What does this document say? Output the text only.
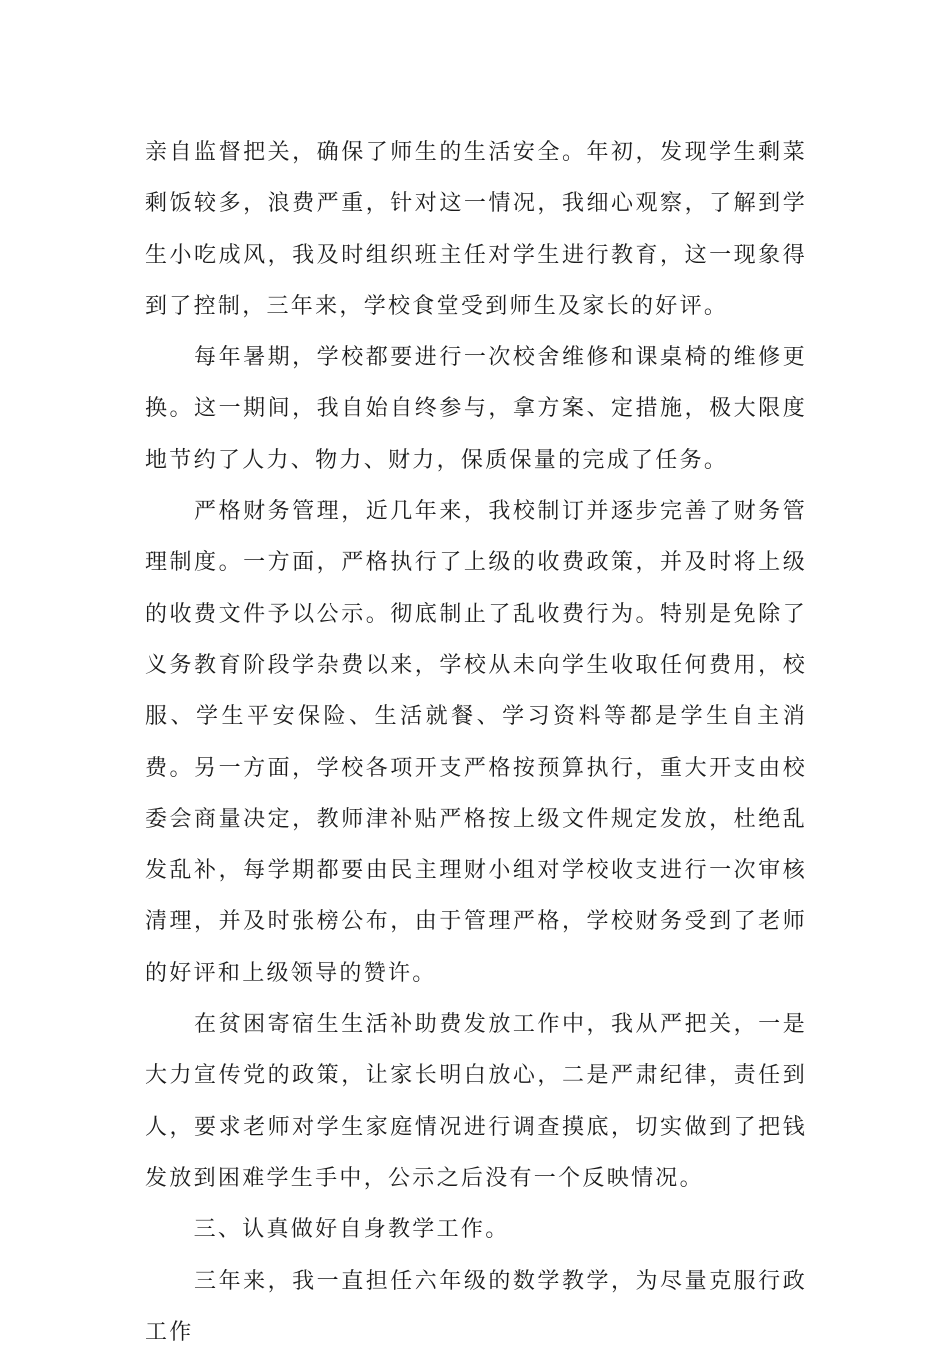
亲自监督把关，确保了师生的生活安全。年初，发现学生剩菜剩饭较多，浪费严重，针对这一情况，我细心观察，了解到学生小吃成风，我及时组织班主任对学生进行教育，这一现象得到了控制，三年来，学校食堂受到师生及家长的好评。

　　每年暑期，学校都要进行一次校舍维修和课桌椅的维修更换。这一期间，我自始自终参与，拿方案、定措施，极大限度地节约了人力、物力、财力，保质保量的完成了任务。

　　严格财务管理，近几年来，我校制订并逐步完善了财务管理制度。一方面，严格执行了上级的收费政策，并及时将上级的收费文件予以公示。彻底制止了乱收费行为。特别是免除了义务教育阶段学杂费以来，学校从未向学生收取任何费用，校服、学生平安保险、生活就餐、学习资料等都是学生自主消费。另一方面，学校各项开支严格按预算执行，重大开支由校委会商量决定，教师津补贴严格按上级文件规定发放，杜绝乱发乱补，每学期都要由民主理财小组对学校收支进行一次审核清理，并及时张榜公布，由于管理严格，学校财务受到了老师的好评和上级领导的赞许。

　　在贫困寄宿生生活补助费发放工作中，我从严把关，一是大力宣传党的政策，让家长明白放心，二是严肃纪律，责任到人，要求老师对学生家庭情况进行调查摸底，切实做到了把钱发放到困难学生手中，公示之后没有一个反映情况。

　　三、认真做好自身教学工作。

　　三年来，我一直担任六年级的数学教学，为尽量克服行政工作
